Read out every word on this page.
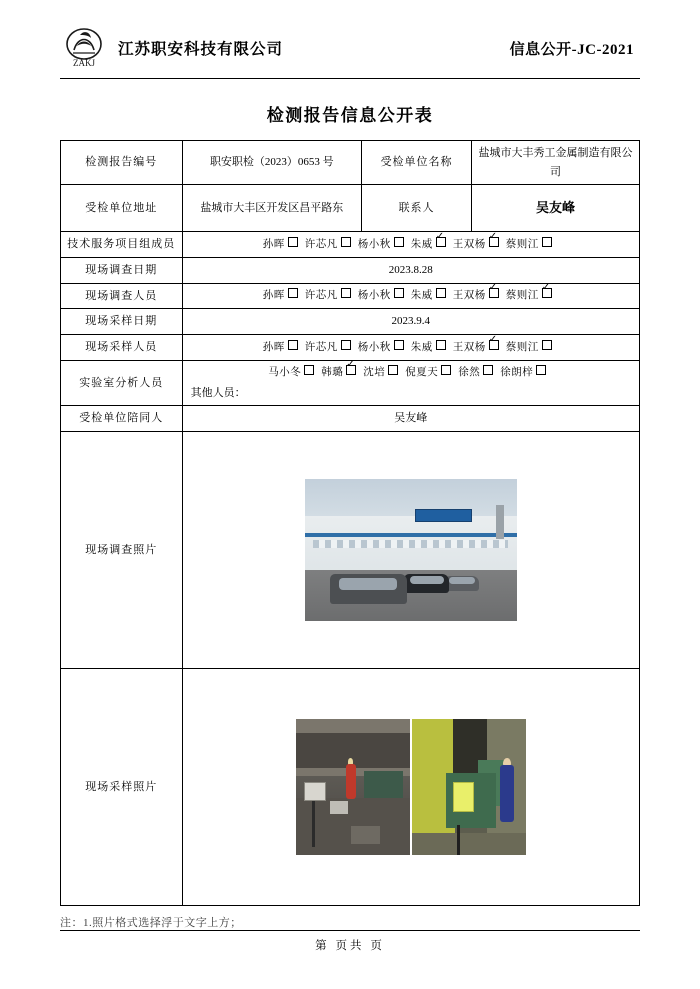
ZAKJ
江苏职安科技有限公司	信息公开-JC-2021
检测报告信息公开表
检测报告编号	职安职检（2023）0653 号	受检单位名称	盐城市大丰秀工金属制造有限公司
受检单位地址	盐城市大丰区开发区昌平路东	联系人	吴友峰
技术服务项目组成员	孙晖 许芯凡 杨小秋 朱威 ✓ 王双杨 ✓ 蔡则江
现场调查日期	2023.8.28		
现场调查人员	孙晖 许芯凡 杨小秋 朱威 王双杨 ✓ 蔡则江✓
现场采样日期	2023.9.4		
现场采样人员	孙晖 许芯凡 杨小秋 朱威 王双杨 ✓ 蔡则江
实验室分析人员	马小冬 韩璐 ✓ 沈培 倪夏天 徐然 徐朗梓
其他人员：

受检单位陪同人	吴友峰		
现场调查照片			

现场采样照片			
注：1.照片格式选择浮于文字上方；
第 页共 页
